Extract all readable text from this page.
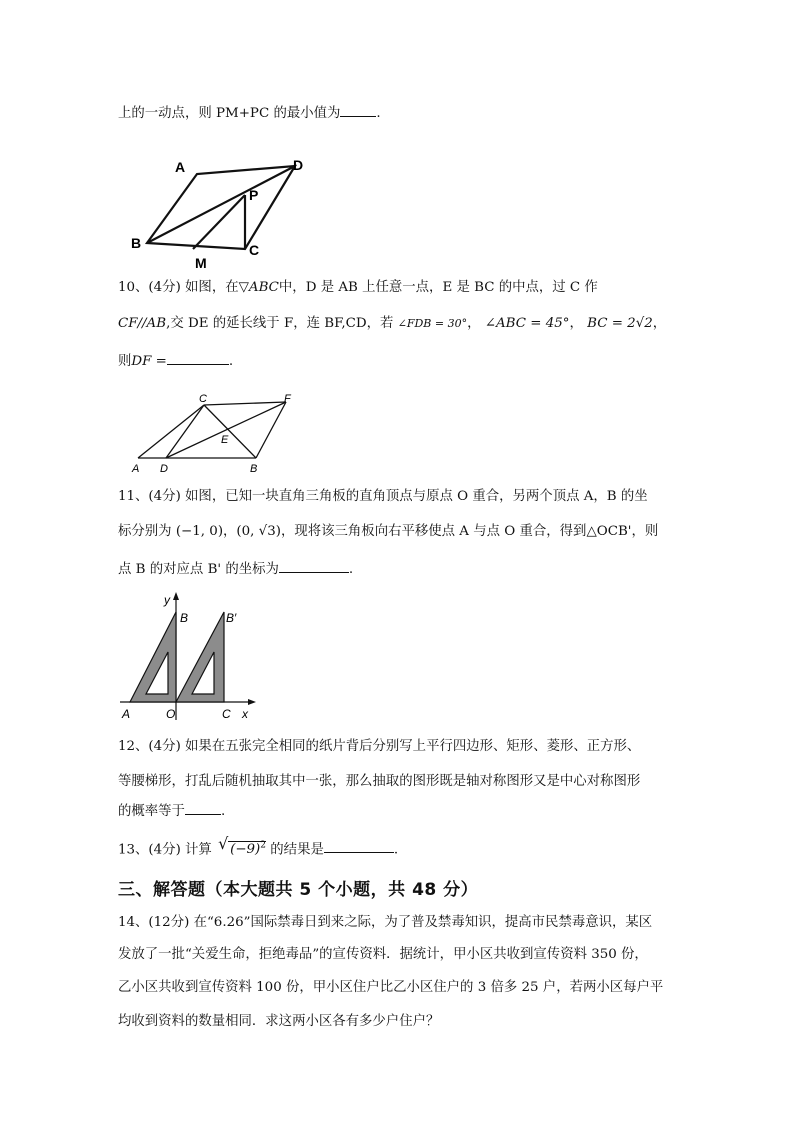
上的一动点，则 PM+PC 的最小值为	.
A	D
P
B	C
M
10、(4分) 如图，在▽ABC中，D 是 AB 上任意一点，E 是 BC 的中点，过 C 作
CF//AB,交 DE 的延长线于 F，连 BF,CD，若 ∠FDB = 30°， ∠ABC = 45°， BC = 2√2，
则DF =	.
A D	B
C	F
E
11、(4分) 如图，已知一块直角三角板的直角顶点与原点 O 重合，另两个顶点 A，B 的坐
标分别为 (−1, 0)，(0, √3)，现将该三角板向右平移使点 A 与点 O 重合，得到△OCB'，则
点 B 的对应点 B' 的坐标为	.
y
B	B′
A	O	C x
12、(4分) 如果在五张完全相同的纸片背后分别写上平行四边形、矩形、菱形、正方形、
等腰梯形，打乱后随机抽取其中一张，那么抽取的图形既是轴对称图形又是中心对称图形
的概率等于	.
13、(4分) 计算 √ $(-9)^2$ 的结果是	.
三、解答题（本大题共 5 个小题，共 48 分）
14、(12分) 在“6.26”国际禁毒日到来之际，为了普及禁毒知识，提高市民禁毒意识，某区
发放了一批“关爱生命，拒绝毒品”的宣传资料．据统计，甲小区共收到宣传资料 350 份，
乙小区共收到宣传资料 100 份，甲小区住户比乙小区住户的 3 倍多 25 户，若两小区每户平
均收到资料的数量相同．求这两小区各有多少户住户？
